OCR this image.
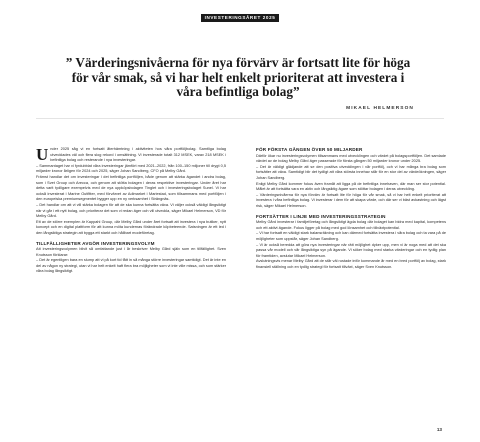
INVESTERINGSÅRET 2025
” Värderingsnivåerna för nya förvärv är fortsatt lite för höga för vår smak, så vi har helt enkelt prioriterat att investera i våra befintliga bolag”
MIKAEL HELMERSON

Under 2025 såg vi en fortsatt återhämtning i aktiviteten hos våra portföljbolag. Samtliga bolag utvecklades väl och flera slog rekord i omsättning. Vi investerade totalt 312 MSEK, varav 218 MSEK i befintliga bolag och resterande i nya investeringar.

– Sammantaget har vi fyrdubblat våra investeringar jämfört med 2021–2022, från 100–150 miljoner till drygt 0,5 miljarder kronor årligen för 2024 och 2025, säger Johan Sandberg, CFO på Melby Gård.

Främst handlar det om investeringar i det befintliga portföljen, både genom att stärka ägandet i andra bolag, som i Svet Group och Arecca, och genom att stötta bolagen i deras respektive investeringar. Under året har detta varit tydligare exempelvis med de nya uppköpsbolagen Tinglet och i investeringsbolaget Sunel. Vi har också investerat i Marine Outfitter, med förvärvet av Adimarket i Mariestad, som tillsammans med portföljen i den europeiska premiumsegmentet bygger upp en ny verksamhet i Strängnäs.

– Det handlar om att vi vill stärka bolagen för att de ska kunna fortsätta växa. Vi väljer också väldigt långsiktigt när vi går i ett nytt bolag, och prioriterar det som vi redan äger och vill utveckla, säger Mikael Helmerson, VD för Melby Gård.

Ett av de större exemplen är Kappahl Group, där Melby Gård under året fortsatt att investera i nya butiker, nytt koncept och en digital plattform för att kunna möta kundernas förändrade köpbeteende. Satsningen är ett led i den långsiktiga strategin att bygga ett starkt och hållbart modeföretag.

TILLFÄLLIGHETER AVGÖR INVESTERINGSVOLYM

Att investeringsvolymen blivit så omfattande just i år beskriver Melby Gård själv som en tillfällighet. Sven Knutsson förklarar:

– Det är egentligen bara en slump att vi på kort tid fått in så många större investeringar samtidigt. Det är inte en del av någon ny strategi, utan vi har helt enkelt haft flera bra möjligheter som vi inte ville missa, och som stärker våra bolag långsiktigt.

FÖR FÖRSTA GÅNGEN ÖVER 50 MILJARDER

Därför ökar nu investeringsvolymen tillsammans med utvecklingen och värdet på bolagsportföljen. Det samlade värdet av de bolag Melby Gård äger passerade för första gången 50 miljarder kronor under 2025.

– Det är väldigt glädjande att se den positiva utvecklingen i vår portfölj, och vi har många bra bolag som fortsätter att växa. Samtidigt blir det tydligt att våra största innehav står för en stor del av värdeökningen, säger Johan Sandberg.

Enligt Melby Gård kommer fokus även framåt att ligga på de befintliga innehaven, där man ser stor potential. Målet är att fortsätta vara en aktiv och långsiktig ägare som stöttar bolagen i deras utveckling.

– Värderingsnivåerna för nya förvärv är fortsatt lite för höga för vår smak, så vi har helt enkelt prioriterat att investera i våra befintliga bolag. Vi investerar i dem för att skapa värde, och där ser vi bäst avkastning och lägst risk, säger Mikael Helmerson.

FORTSÄTTER I LINJE MED INVESTERINGSSTRATEGIN

Melby Gård investerar i familjeföretag och långsiktigt ägda bolag där bolaget kan bidra med kapital, kompetens och ett aktivt ägande. Fokus ligger på bolag med god lönsamhet och tillväxtpotential.

– Vi har fortsatt en väldigt stark balansräkning och kan därmed fortsätta investera i våra bolag och ta vara på de möjligheter som uppstår, säger Johan Sandberg.

– Vi är också beredda att göra nya investeringar när rätt möjlighet dyker upp, men vi är noga med att det ska passa vår modell och vår långsiktiga syn på ägande. Vi söker bolag med starka värderingar och en tydlig plan för framtiden, avslutar Mikael Helmerson.

Avslutningsvis menar Melby Gård att de står väl rustade inför kommande år med en bred portfölj av bolag, stark finansiell ställning och en tydlig strategi för fortsatt tillväxt, säger Sven Knutsson.

13
